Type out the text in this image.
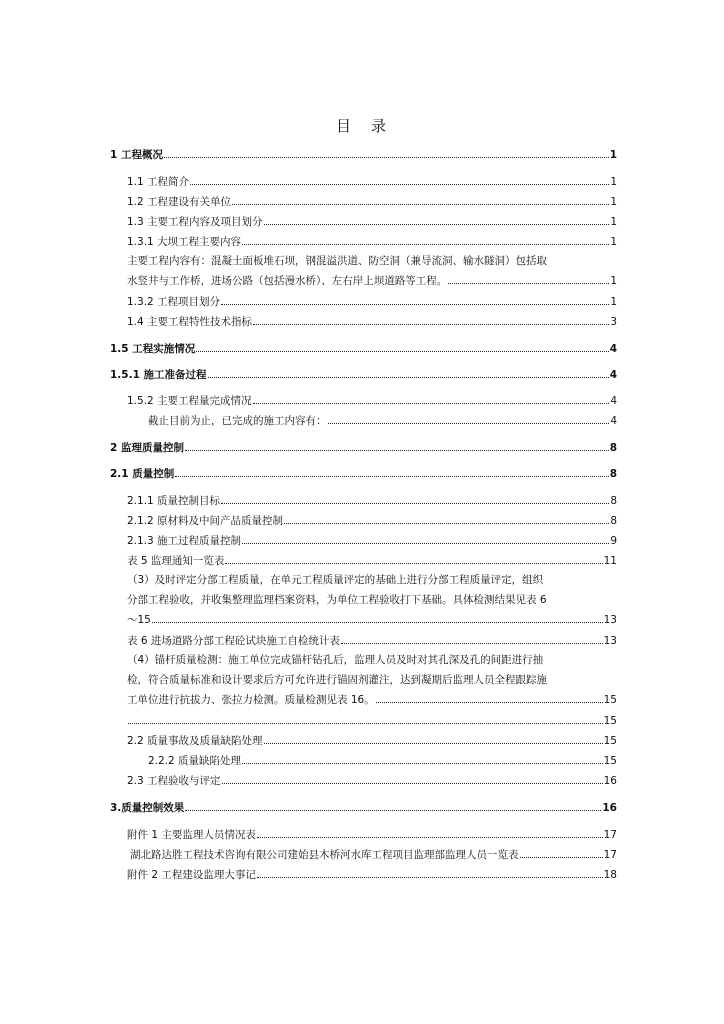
目 录
1 工程概况	1
1.1 工程简介	1
1.2 工程建设有关单位	1
1.3 主要工程内容及项目划分	1
1.3.1 大坝工程主要内容	1
主要工程内容有：混凝土面板堆石坝，钢混溢洪道、防空洞（兼导流洞、输水隧洞）包括取
水竖井与工作桥，进场公路（包括漫水桥）、左右岸上坝道路等工程。	1
1.3.2 工程项目划分	1
1.4 主要工程特性技术指标	3
1.5 工程实施情况	4
1.5.1 施工准备过程	4
1.5.2 主要工程量完成情况	4
截止目前为止，已完成的施工内容有：	4
2 监理质量控制	8
2.1 质量控制	8
2.1.1 质量控制目标	8
2.1.2 原材料及中间产品质量控制	8
2.1.3 施工过程质量控制	9
表 5 监理通知一览表	11
（3）及时评定分部工程质量，在单元工程质量评定的基础上进行分部工程质量评定，组织
分部工程验收，并收集整理监理档案资料，为单位工程验收打下基础。具体检测结果见表 6
～15	13
表 6 进场道路分部工程砼试块施工自检统计表	13
（4）锚杆质量检测：施工单位完成锚杆钻孔后，监理人员及时对其孔深及孔的间距进行抽
检，符合质量标准和设计要求后方可允许进行锚固剂灌注，达到凝期后监理人员全程跟踪施
工单位进行抗拔力、张拉力检测。质量检测见表 16。	15
15
2.2 质量事故及质量缺陷处理	15
2.2.2 质量缺陷处理	15
2.3 工程验收与评定	16
3.质量控制效果	16
附件 1 主要监理人员情况表	17
湖北路达胜工程技术咨询有限公司建始县木桥河水库工程项目监理部监理人员一览表	17
附件 2 工程建设监理大事记	18
